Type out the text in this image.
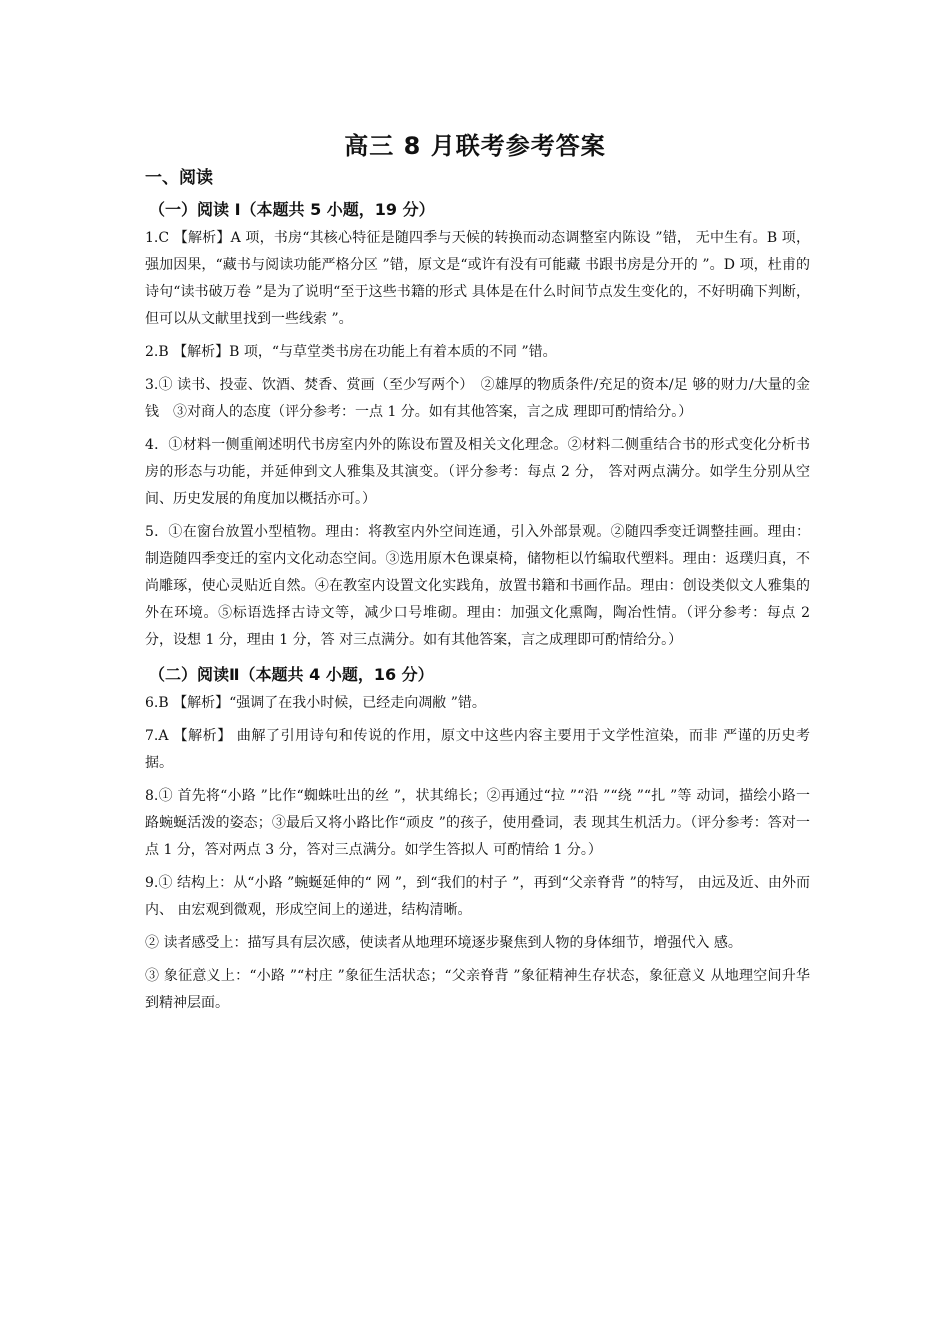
高三 8 月联考参考答案
一、阅读
（一）阅读 Ⅰ（本题共 5 小题，19 分）
1.C 【解析】A 项，书房“其核心特征是随四季与天候的转换而动态调整室内陈设 ”错， 无中生有。B 项，强加因果，“藏书与阅读功能严格分区 ”错，原文是“或许有没有可能藏 书跟书房是分开的 ”。D 项，杜甫的诗句“读书破万卷 ”是为了说明“至于这些书籍的形式 具体是在什么时间节点发生变化的，不好明确下判断，但可以从文献里找到一些线索 ”。
2.B 【解析】B 项，“与草堂类书房在功能上有着本质的不同 ”错。
3.① 读书、投壶、饮酒、焚香、赏画（至少写两个）　②雄厚的物质条件/充足的资本/足 够的财力/大量的金钱　③对商人的态度（评分参考：一点 1 分。如有其他答案，言之成 理即可酌情给分。）
4．①材料一侧重阐述明代书房室内外的陈设布置及相关文化理念。②材料二侧重结合书的形式变化分析书房的形态与功能，并延伸到文人雅集及其演变。（评分参考：每点 2 分， 答对两点满分。如学生分别从空间、历史发展的角度加以概括亦可。）
5．①在窗台放置小型植物。理由：将教室内外空间连通，引入外部景观。②随四季变迁调整挂画。理由：制造随四季变迁的室内文化动态空间。③选用原木色课桌椅，储物柜以竹编取代塑料。理由：返璞归真，不尚雕琢，使心灵贴近自然。④在教室内设置文化实践角，放置书籍和书画作品。理由：创设类似文人雅集的外在环境。⑤标语选择古诗文等，减少口号堆砌。理由：加强文化熏陶，陶冶性情。（评分参考：每点 2 分，设想 1 分，理由 1 分，答 对三点满分。如有其他答案，言之成理即可酌情给分。）
（二）阅读Ⅱ（本题共 4 小题，16 分）
6.B 【解析】“强调了在我小时候，已经走向凋敝 ”错。
7.A 【解析】 曲解了引用诗句和传说的作用，原文中这些内容主要用于文学性渲染，而非 严谨的历史考据。
8.① 首先将“小路 ”比作“蜘蛛吐出的丝 ”，状其绵长；②再通过“拉 ”“沿 ”“绕 ”“扎 ”等 动词，描绘小路一路蜿蜒活泼的姿态；③最后又将小路比作“顽皮 ”的孩子，使用叠词，表 现其生机活力。（评分参考：答对一点 1 分，答对两点 3 分，答对三点满分。如学生答拟人 可酌情给 1 分。）
9.① 结构上：从“小路 ”蜿蜒延伸的“ 网 ”，到“我们的村子 ”，再到“父亲脊背 ”的特写， 由远及近、由外而内、 由宏观到微观，形成空间上的递进，结构清晰。
② 读者感受上：描写具有层次感，使读者从地理环境逐步聚焦到人物的身体细节，增强代入 感。
③ 象征意义上：“小路 ”“村庄 ”象征生活状态；“父亲脊背 ”象征精神生存状态，象征意义 从地理空间升华到精神层面。
